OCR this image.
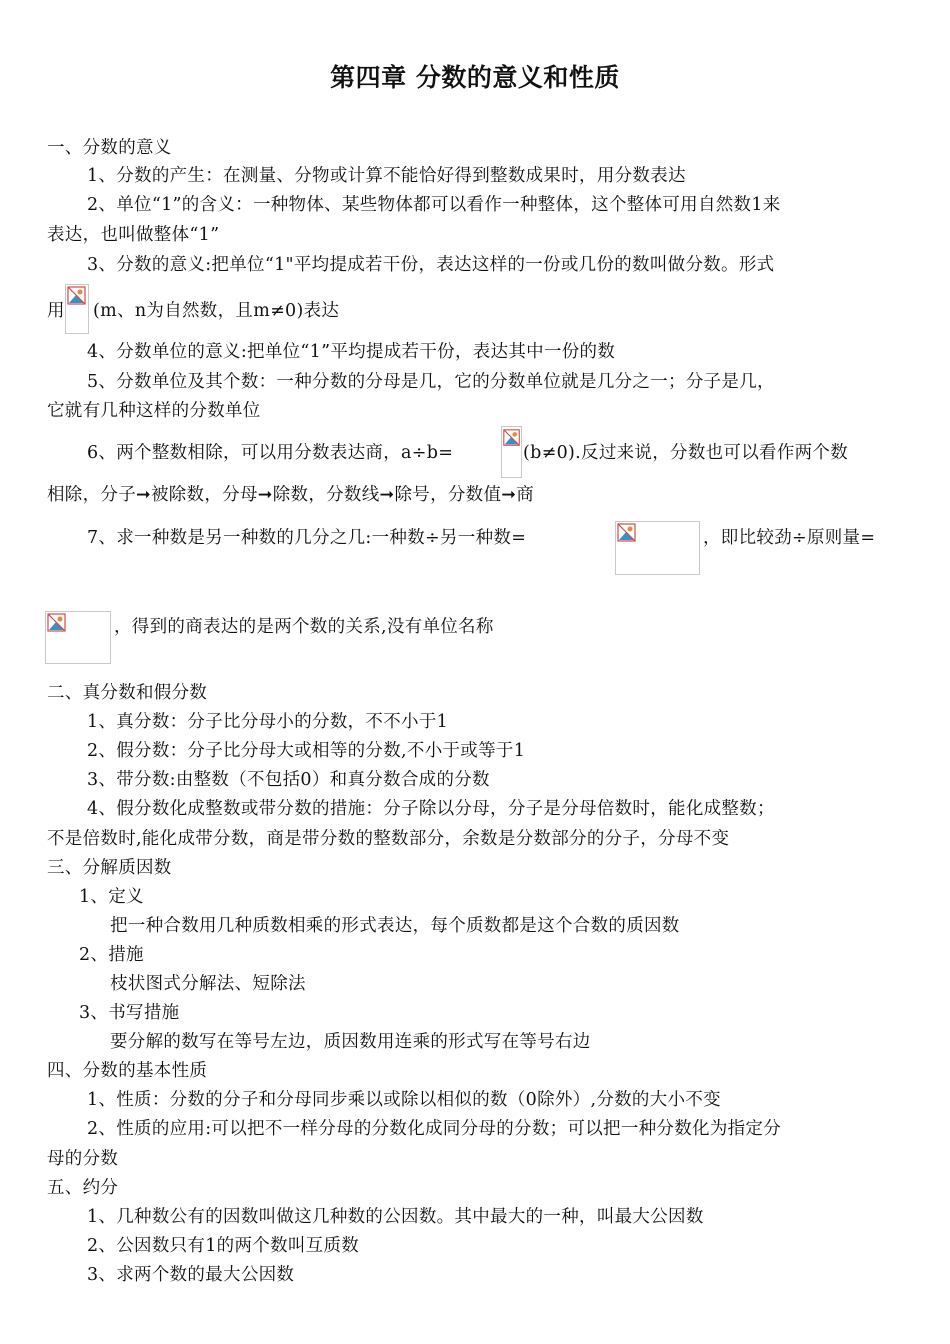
第四章 分数的意义和性质
一、分数的意义
1、分数的产生：在测量、分物或计算不能恰好得到整数成果时，用分数表达
2、单位“1”的含义：一种物体、某些物体都可以看作一种整体，这个整体可用自然数1来
表达，也叫做整体“1”
3、分数的意义:把单位“1"平均提成若干份，表达这样的一份或几份的数叫做分数。形式
用 (m、n为自然数，且m≠0)表达
4、分数单位的意义:把单位“1”平均提成若干份，表达其中一份的数
5、分数单位及其个数：一种分数的分母是几，它的分数单位就是几分之一；分子是几，
它就有几种这样的分数单位
6、两个整数相除，可以用分数表达商，a÷b=	(b≠0).反过来说，分数也可以看作两个数
相除，分子➞被除数，分母➞除数，分数线➞除号，分数值➞商
7、求一种数是另一种数的几分之几:一种数÷另一种数=	，即比较劲÷原则量=
，得到的商表达的是两个数的关系,没有单位名称
二、真分数和假分数
1、真分数：分子比分母小的分数，不不小于1
2、假分数：分子比分母大或相等的分数,不小于或等于1
3、带分数:由整数（不包括0）和真分数合成的分数
4、假分数化成整数或带分数的措施：分子除以分母，分子是分母倍数时，能化成整数；
不是倍数时,能化成带分数，商是带分数的整数部分，余数是分数部分的分子，分母不变
三、分解质因数
1、定义
把一种合数用几种质数相乘的形式表达，每个质数都是这个合数的质因数
2、措施
枝状图式分解法、短除法
3、书写措施
要分解的数写在等号左边，质因数用连乘的形式写在等号右边
四、分数的基本性质
1、性质：分数的分子和分母同步乘以或除以相似的数（0除外）,分数的大小不变
2、性质的应用:可以把不一样分母的分数化成同分母的分数；可以把一种分数化为指定分
母的分数
五、约分
1、几种数公有的因数叫做这几种数的公因数。其中最大的一种，叫最大公因数
2、公因数只有1的两个数叫互质数
3、求两个数的最大公因数
